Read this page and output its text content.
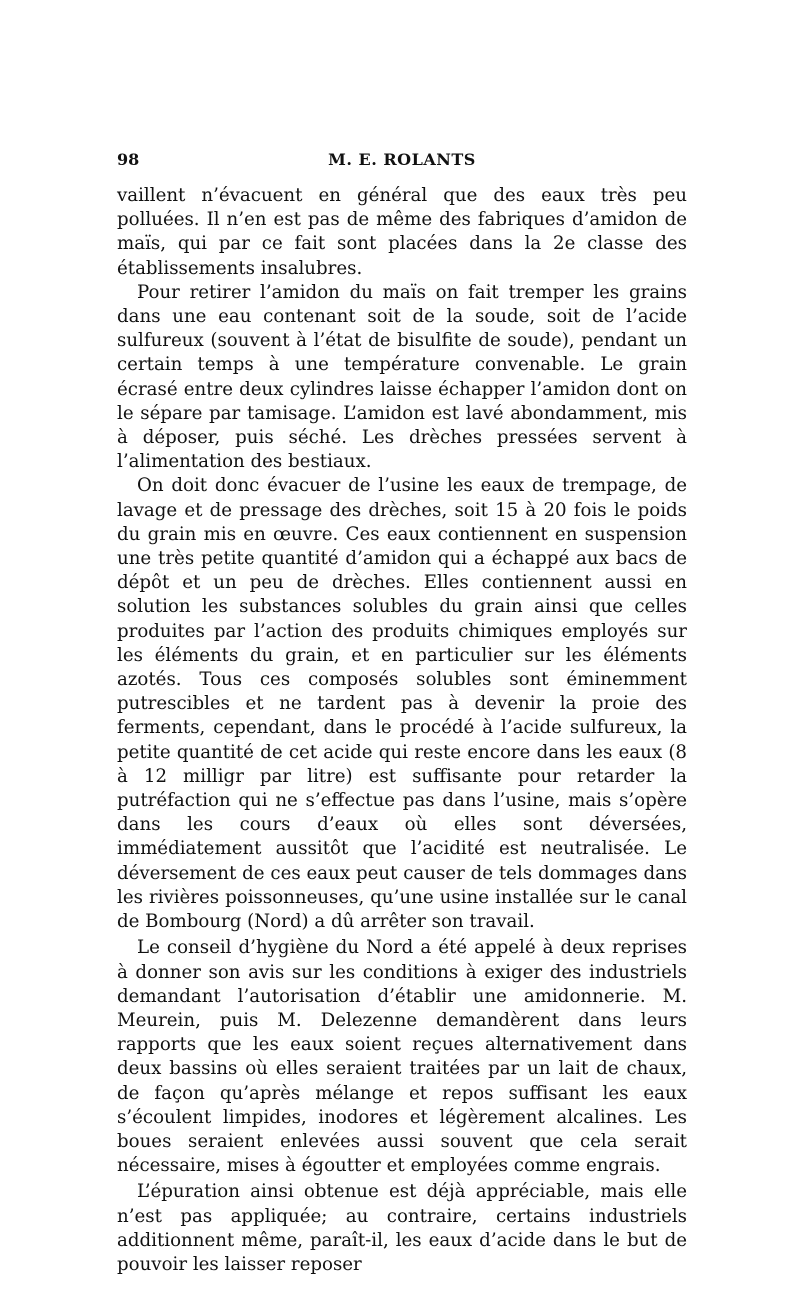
98	M. E. ROLANTS

vaillent n’évacuent en général que des eaux très peu polluées. Il n’en est pas de même des fabriques d’amidon de maïs, qui par ce fait sont placées dans la 2e classe des établissements insalubres.

Pour retirer l’amidon du maïs on fait tremper les grains dans une eau contenant soit de la soude, soit de l’acide sulfureux (souvent à l’état de bisulfite de soude), pendant un certain temps à une température convenable. Le grain écrasé entre deux cylindres laisse échapper l’amidon dont on le sépare par tamisage. L’amidon est lavé abondamment, mis à déposer, puis séché. Les drèches pressées servent à l’alimentation des bestiaux.

On doit donc évacuer de l’usine les eaux de trempage, de lavage et de pressage des drèches, soit 15 à 20 fois le poids du grain mis en œuvre. Ces eaux contiennent en suspension une très petite quantité d’amidon qui a échappé aux bacs de dépôt et un peu de drèches. Elles contiennent aussi en solution les substances solubles du grain ainsi que celles produites par l’action des produits chimiques employés sur les éléments du grain, et en particulier sur les éléments azotés. Tous ces composés solubles sont éminemment putrescibles et ne tardent pas à devenir la proie des ferments, cependant, dans le procédé à l’acide sulfureux, la petite quantité de cet acide qui reste encore dans les eaux (8 à 12 milligr par litre) est suffisante pour retarder la putréfaction qui ne s’effectue pas dans l’usine, mais s’opère dans les cours d’eaux où elles sont déversées, immédiatement aussitôt que l’acidité est neutralisée. Le déversement de ces eaux peut causer de tels dommages dans les rivières poissonneuses, qu’une usine installée sur le canal de Bombourg (Nord) a dû arrêter son travail.

Le conseil d’hygiène du Nord a été appelé à deux reprises à donner son avis sur les conditions à exiger des industriels demandant l’autorisation d’établir une amidonnerie. M. Meurein, puis M. Delezenne demandèrent dans leurs rapports que les eaux soient reçues alternativement dans deux bassins où elles seraient traitées par un lait de chaux, de façon qu’après mélange et repos suffisant les eaux s’écoulent limpides, inodores et légèrement alcalines. Les boues seraient enlevées aussi souvent que cela serait nécessaire, mises à égoutter et employées comme engrais.

L’épuration ainsi obtenue est déjà appréciable, mais elle n’est pas appliquée; au contraire, certains industriels additionnent même, paraît-il, les eaux d’acide dans le but de pouvoir les laisser reposer
